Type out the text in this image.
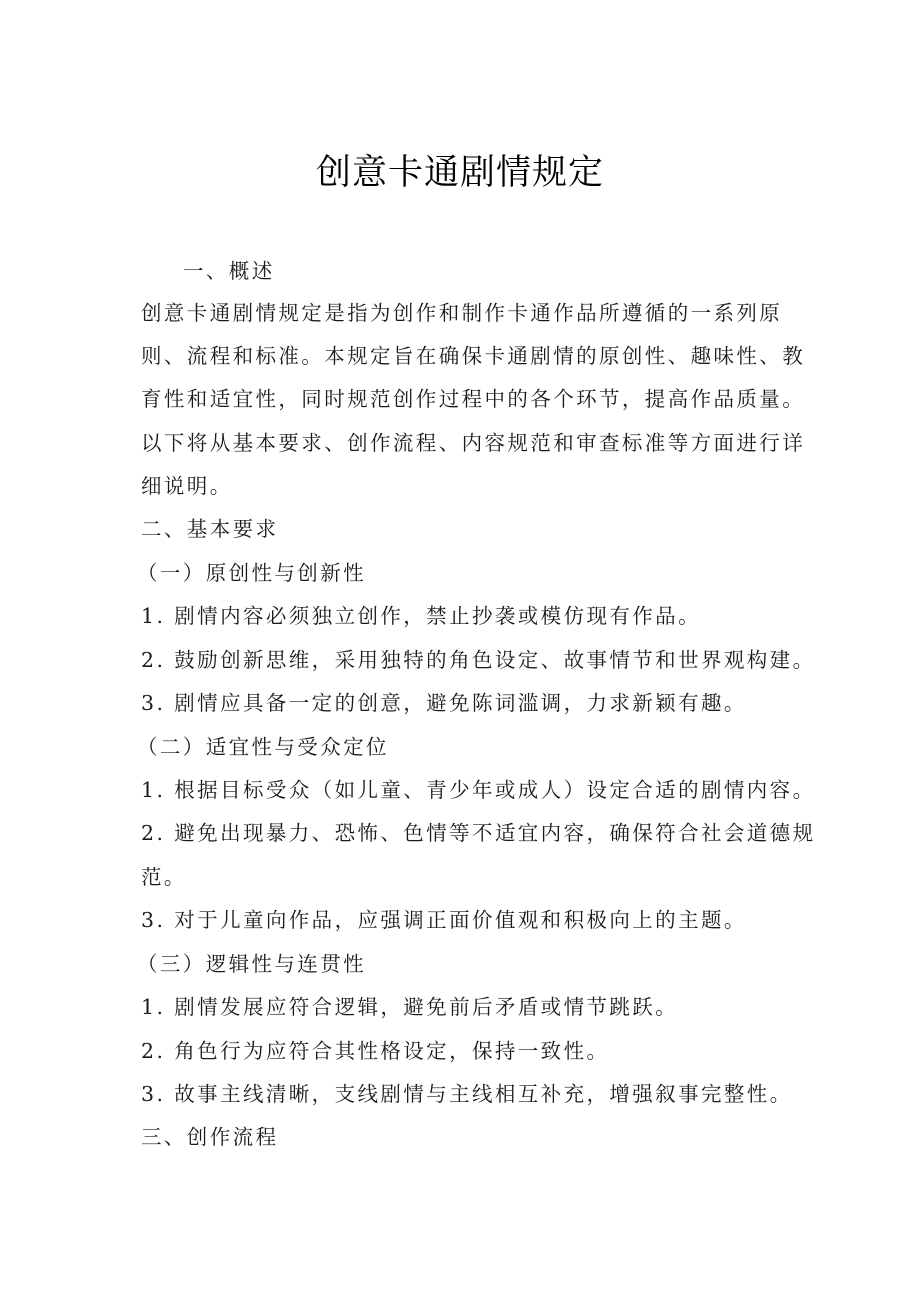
创意卡通剧情规定
一、概述
创意卡通剧情规定是指为创作和制作卡通作品所遵循的一系列原
则、流程和标准。本规定旨在确保卡通剧情的原创性、趣味性、教
育性和适宜性，同时规范创作过程中的各个环节，提高作品质量。
以下将从基本要求、创作流程、内容规范和审查标准等方面进行详
细说明。
二、基本要求
（一）原创性与创新性
1. 剧情内容必须独立创作，禁止抄袭或模仿现有作品。
2. 鼓励创新思维，采用独特的角色设定、故事情节和世界观构建。
3. 剧情应具备一定的创意，避免陈词滥调，力求新颖有趣。
（二）适宜性与受众定位
1. 根据目标受众（如儿童、青少年或成人）设定合适的剧情内容。
2. 避免出现暴力、恐怖、色情等不适宜内容，确保符合社会道德规
范。
3. 对于儿童向作品，应强调正面价值观和积极向上的主题。
（三）逻辑性与连贯性
1. 剧情发展应符合逻辑，避免前后矛盾或情节跳跃。
2. 角色行为应符合其性格设定，保持一致性。
3. 故事主线清晰，支线剧情与主线相互补充，增强叙事完整性。
三、创作流程
